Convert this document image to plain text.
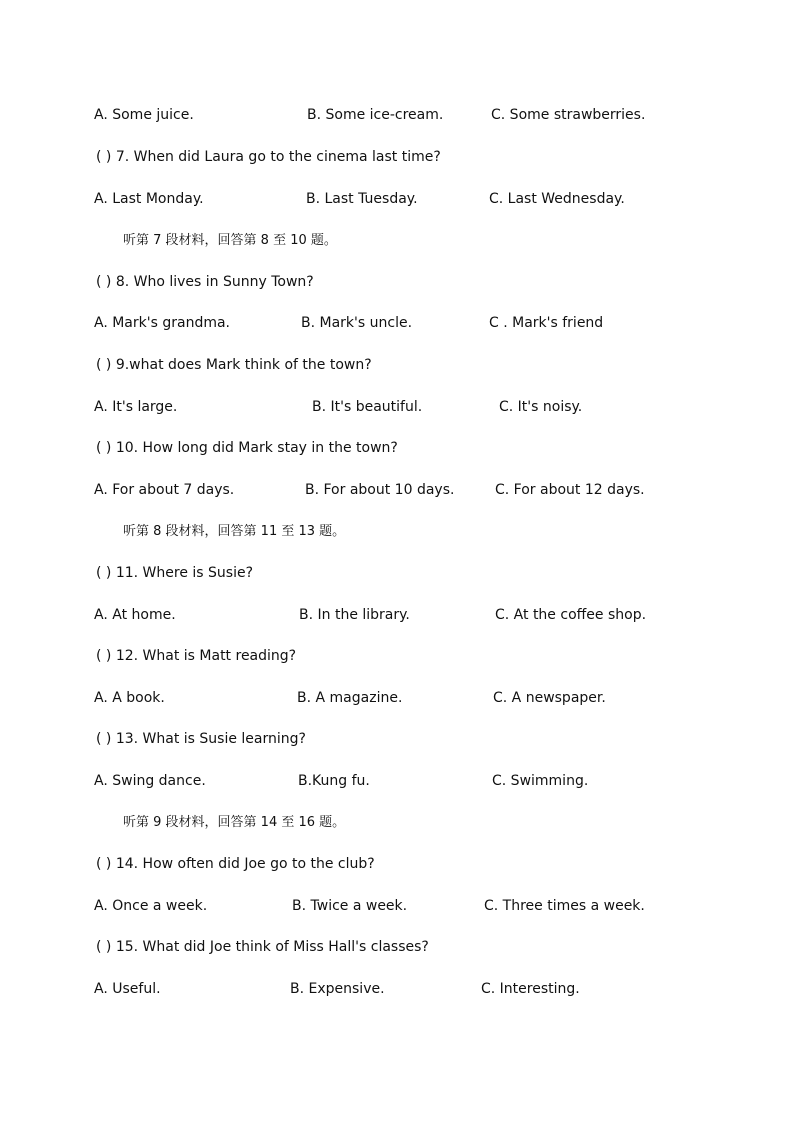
A. Some juice.	B. Some ice-cream.	C. Some strawberries.
( ) 7. When did Laura go to the cinema last time?
A. Last Monday.	B. Last Tuesday.	C. Last Wednesday.
听第 7 段材料，回答第 8 至 10 题。
( ) 8. Who lives in Sunny Town?
A. Mark's grandma.	B. Mark's uncle.	C . Mark's friend
( ) 9.what does Mark think of the town?
A. It's large.	B. It's beautiful.	C. It's noisy.
( ) 10. How long did Mark stay in the town?
A. For about 7 days.	B. For about 10 days.	C. For about 12 days.
听第 8 段材料，回答第 11 至 13 题。
( ) 11. Where is Susie?
A. At home.	B. In the library.	C. At the coffee shop.
( ) 12. What is Matt reading?
A. A book.	B. A magazine.	C. A newspaper.
( ) 13. What is Susie learning?
A. Swing dance.	B.Kung fu.	C. Swimming.
听第 9 段材料，回答第 14 至 16 题。
( ) 14. How often did Joe go to the club?
A. Once a week.	B. Twice a week.	C. Three times a week.
( ) 15. What did Joe think of Miss Hall's classes?
A. Useful.	B. Expensive.	C. Interesting.
